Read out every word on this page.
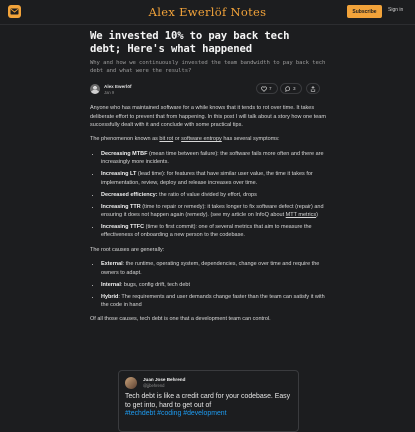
Alex Ewerlöf Notes	Subscribe	Sign in
We invested 10% to pay back tech debt; Here's what happened
Why and how we continuously invested the team bandwidth to pay back tech debt and what were the results?
Alex Ewerlöf
Jan 9
7	3

Anyone who has maintained software for a while knows that it tends to rot over time. It takes deliberate effort to prevent that from happening. In this post I will talk about a story how one team successfully dealt with it and conclude with some practical tips.

The phenomenon known as bit rot or software entropy has several symptoms:

• Decreasing MTBF (mean time between failure): the software fails more often and there are increasingly more incidents.
• Increasing LT (lead time): for features that have similar user value, the time it takes for implementation, review, deploy and release increases over time.
• Decreased efficiency: the ratio of value divided by effort, drops
• Increasing TTR (time to repair or remedy): it takes longer to fix software defect (repair) and ensuring it does not happen again (remedy). (see my article on InfoQ about MTT metrics)
• Increasing TTFC (time to first commit): one of several metrics that aim to measure the effectiveness of onboarding a new person to the codebase.

The root causes are generally:

• External: the runtime, operating system, dependencies, change over time and require the owners to adapt.
• Internal: bugs, config drift, tech debt
• Hybrid: The requirements and user demands change faster than the team can satisfy it with the code in hand

Of all those causes, tech debt is one that a development team can control.

Juan Jose Behrend
@jjbehrend
Tech debt is like a credit card for your codebase. Easy to get into, hard to get out of
#techdebt #coding #development
